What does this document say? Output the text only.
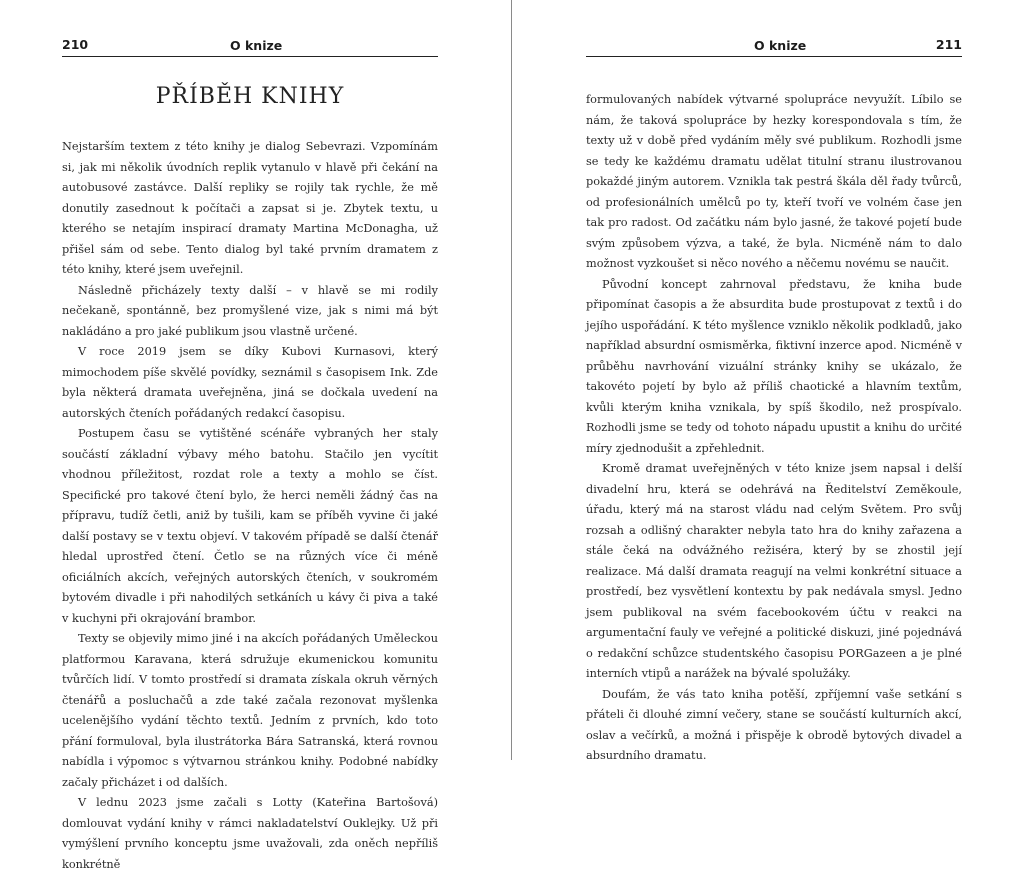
210	O knize
PŘÍBĚH KNIHY

Nejstarším textem z této knihy je dialog Sebevrazi. Vzpomínám si, jak mi několik úvodních replik vytanulo v hlavě při čekání na autobusové zastávce. Další repliky se rojily tak rychle, že mě donutily zasednout k počítači a zapsat si je. Zbytek textu, u kterého se netajím inspirací dramaty Martina McDonagha, už přišel sám od sebe. Tento dialog byl také prvním dramatem z této knihy, které jsem uveřejnil.

Následně přicházely texty další – v hlavě se mi rodily nečekaně, spontánně, bez promyšlené vize, jak s nimi má být nakládáno a pro jaké publikum jsou vlastně určené.

V roce 2019 jsem se díky Kubovi Kurnasovi, který mimochodem píše skvělé povídky, seznámil s časopisem Ink. Zde byla některá dramata uveřejněna, jiná se dočkala uvedení na autorských čteních pořádaných redakcí časopisu.

Postupem času se vytištěné scénáře vybraných her staly součástí základní výbavy mého batohu. Stačilo jen vycítit vhodnou příležitost, rozdat role a texty a mohlo se číst. Specifické pro takové čtení bylo, že herci neměli žádný čas na přípravu, tudíž četli, aniž by tušili, kam se příběh vyvine či jaké další postavy se v textu objeví. V takovém případě se další čtenář hledal uprostřed čtení. Četlo se na různých více či méně oficiálních akcích, veřejných autorských čteních, v soukromém bytovém divadle i při nahodilých setkáních u kávy či piva a také v kuchyni při okrajování brambor.

Texty se objevily mimo jiné i na akcích pořádaných Uměleckou platformou Karavana, která sdružuje ekumenickou komunitu tvůrčích lidí. V tomto prostředí si dramata získala okruh věrných čtenářů a posluchačů a zde také začala rezonovat myšlenka ucelenějšího vydání těchto textů. Jedním z prvních, kdo toto přání formuloval, byla ilustrátorka Bára Satranská, která rovnou nabídla i výpomoc s výtvarnou stránkou knihy. Podobné nabídky začaly přicházet i od dalších.

V lednu 2023 jsme začali s Lotty (Kateřina Bartošová) domlouvat vydání knihy v rámci nakladatelství Ouklejky. Už při vymýšlení prvního konceptu jsme uvažovali, zda oněch nepříliš konkrétně

O knize	211

formulovaných nabídek výtvarné spolupráce nevyužít. Líbilo se nám, že taková spolupráce by hezky korespondovala s tím, že texty už v době před vydáním měly své publikum. Rozhodli jsme se tedy ke každému dramatu udělat titulní stranu ilustrovanou pokaždé jiným autorem. Vznikla tak pestrá škála děl řady tvůrců, od profesionálních umělců po ty, kteří tvoří ve volném čase jen tak pro radost. Od začátku nám bylo jasné, že takové pojetí bude svým způsobem výzva, a také, že byla. Nicméně nám to dalo možnost vyzkoušet si něco nového a něčemu novému se naučit.

Původní koncept zahrnoval představu, že kniha bude připomínat časopis a že absurdita bude prostupovat z textů i do jejího uspořádání. K této myšlence vzniklo několik podkladů, jako například absurdní osmisměrka, fiktivní inzerce apod. Nicméně v průběhu navrhování vizuální stránky knihy se ukázalo, že takovéto pojetí by bylo až příliš chaotické a hlavním textům, kvůli kterým kniha vznikala, by spíš škodilo, než prospívalo. Rozhodli jsme se tedy od tohoto nápadu upustit a knihu do určité míry zjednodušit a zpřehlednit.

Kromě dramat uveřejněných v této knize jsem napsal i delší divadelní hru, která se odehrává na Ředitelství Zeměkoule, úřadu, který má na starost vládu nad celým Světem. Pro svůj rozsah a odlišný charakter nebyla tato hra do knihy zařazena a stále čeká na odvážného režiséra, který by se zhostil její realizace. Má další dramata reagují na velmi konkrétní situace a prostředí, bez vysvětlení kontextu by pak nedávala smysl. Jedno jsem publikoval na svém facebookovém účtu v reakci na argumentační fauly ve veřejné a politické diskuzi, jiné pojednává o redakční schůzce studentského časopisu PORGazeen a je plné interních vtipů a narážek na bývalé spolužáky.

Doufám, že vás tato kniha potěší, zpříjemní vaše setkání s přáteli či dlouhé zimní večery, stane se součástí kulturních akcí, oslav a večírků, a možná i přispěje k obrodě bytových divadel a absurdního dramatu.
